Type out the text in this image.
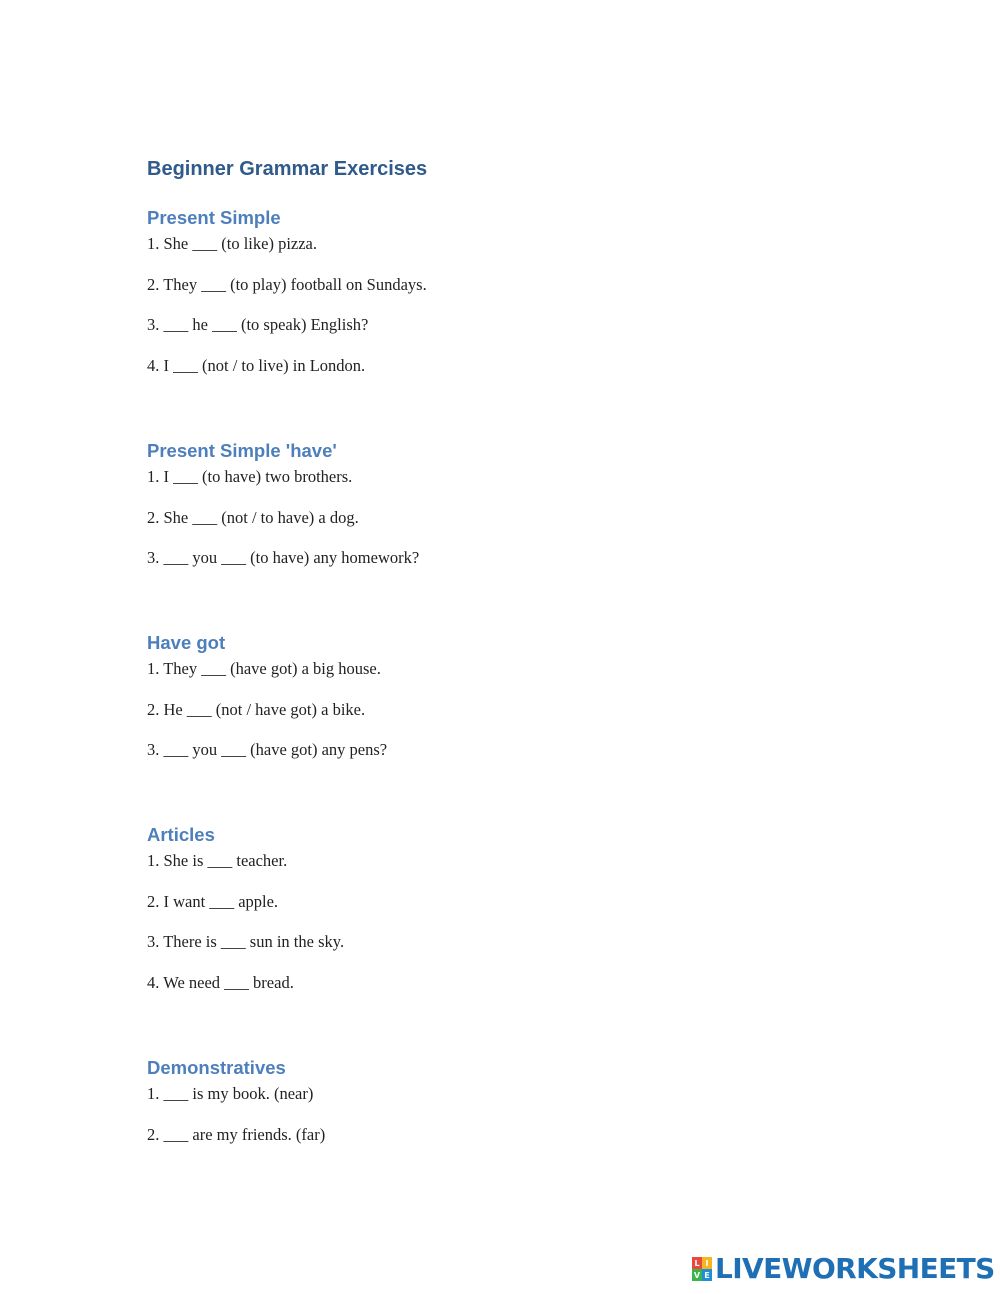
Beginner Grammar Exercises
Present Simple

1. She ___ (to like) pizza.

2. They ___ (to play) football on Sundays.

3. ___ he ___ (to speak) English?

4. I ___ (not / to live) in London.

Present Simple 'have'

1. I ___ (to have) two brothers.

2. She ___ (not / to have) a dog.

3. ___ you ___ (to have) any homework?

Have got

1. They ___ (have got) a big house.

2. He ___ (not / have got) a bike.

3. ___ you ___ (have got) any pens?

Articles

1. She is ___ teacher.

2. I want ___ apple.

3. There is ___ sun in the sky.

4. We need ___ bread.

Demonstratives

1. ___ is my book. (near)

2. ___ are my friends. (far)

L I
V E LIVEWORKSHEETS
